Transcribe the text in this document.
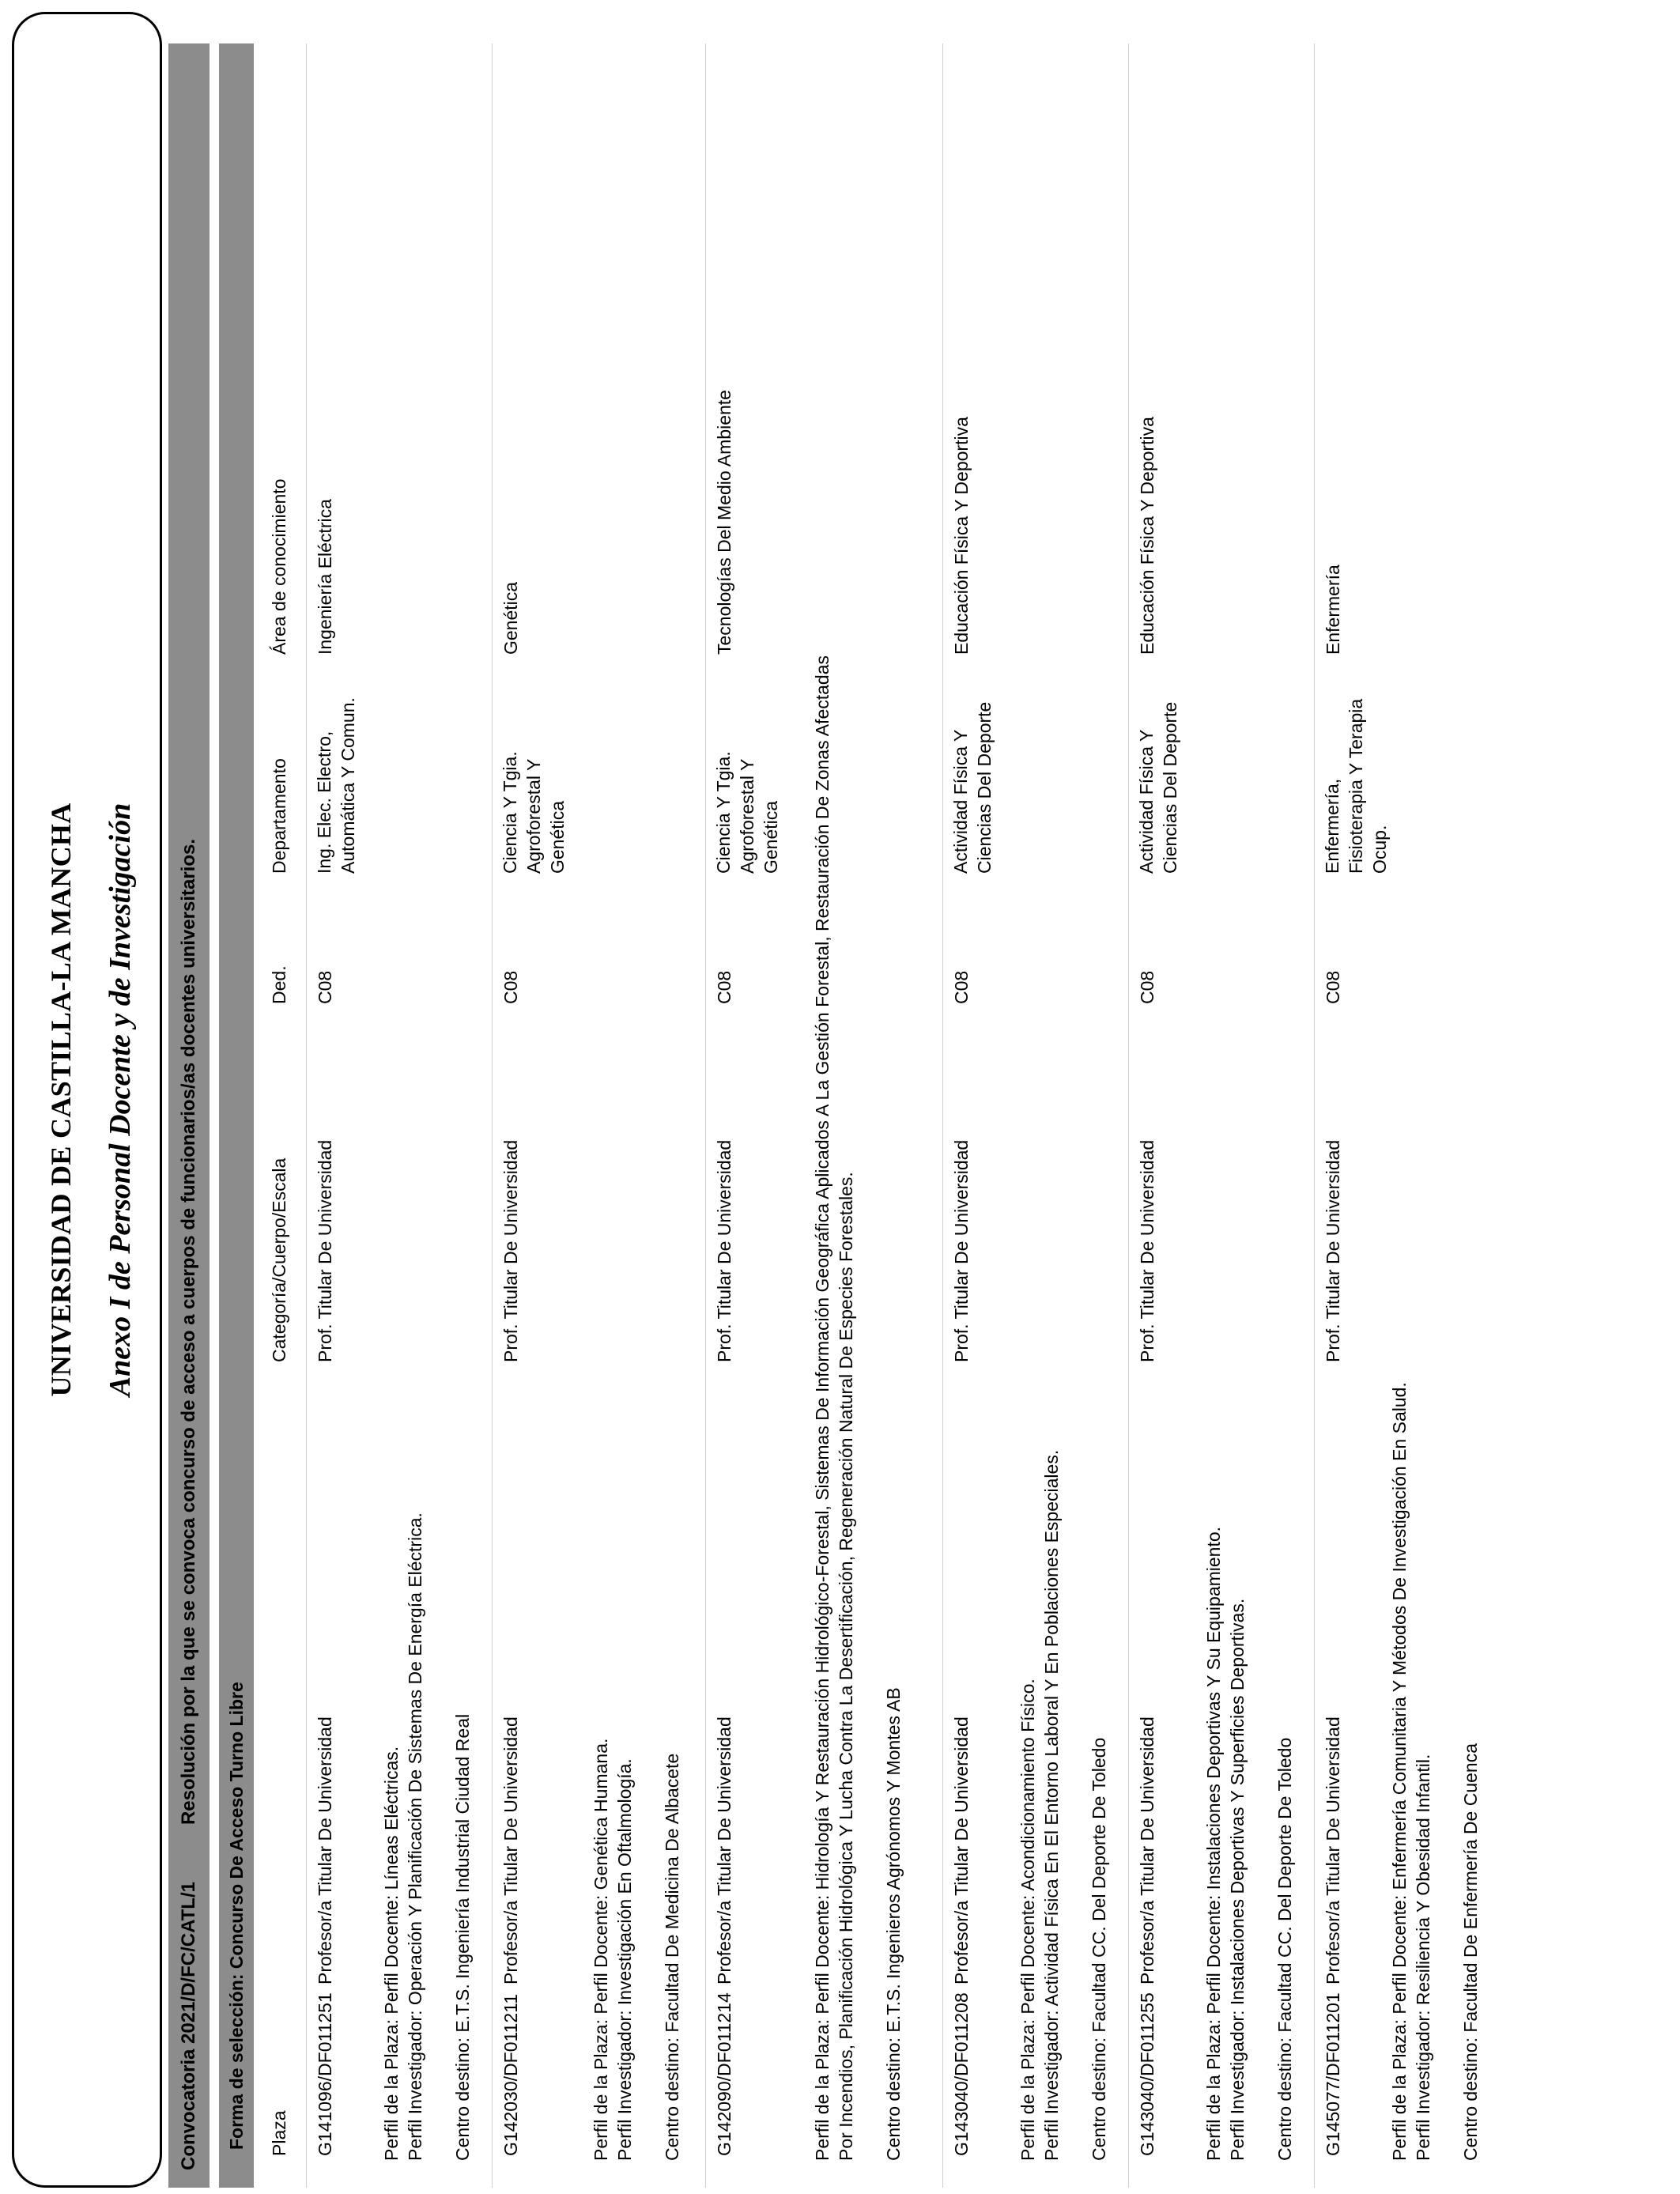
UNIVERSIDAD DE CASTILLA-LA MANCHA Anexo I de Personal Docente y de Investigación
Convocatoria 2021/D/FC/CATL/1
Resolución por la que se convoca concurso de acceso a cuerpos de funcionarios/as docentes universitarios.
Forma de selección: Concurso De Acceso Turno Libre Plaza
Categoría/Cuerpo/Escala
Ded.
Departamento
Área de conocimiento
G141096/DF011251
Profesor/a Titular De Universidad
Prof. Titular De Universidad
C08
Ing. Elec. Electro, Automática Y Comun.
Ingeniería Eléctrica
Perfil de la Plaza: Perfil Docente: Líneas Eléctricas. Perfil Investigador: Operación Y Planificación De Sistemas De Energía Eléctrica. Centro destino: E.T.S. Ingeniería Industrial Ciudad Real G142030/DF011211
Profesor/a Titular De Universidad
Prof. Titular De Universidad
C08
Ciencia Y Tgia. Agroforestal Y Genética
Genética
Perfil de la Plaza: Perfil Docente: Genética Humana. Perfil Investigador: Investigación En Oftalmología. Centro destino: Facultad De Medicina De Albacete G142090/DF011214
Profesor/a Titular De Universidad
Prof. Titular De Universidad
C08
Ciencia Y Tgia. Agroforestal Y Genética
Tecnologías Del Medio Ambiente
Perfil de la Plaza: Perfil Docente: Hidrología Y Restauración Hidrológico-Forestal, Sistemas De Información Geográfica Aplicados A La Gestión Forestal, Restauración De Zonas Afectadas Por Incendios, Planificación Hidrológica Y Lucha Contra La Desertificación, Regeneración Natural De Especies Forestales. Centro destino: E.T.S. Ingenieros Agrónomos Y Montes AB	G143040/DF011208
Profesor/a Titular De Universidad
Prof. Titular De Universidad
C08
Actividad Física Y Ciencias Del Deporte
Educación Física Y Deportiva
Perfil de la Plaza: Perfil Docente: Acondicionamiento Físico. Perfil Investigador: Actividad Física En El Entorno Laboral Y En Poblaciones Especiales. Centro destino: Facultad CC. Del Deporte De Toledo G143040/DF011255
Profesor/a Titular De Universidad
Prof. Titular De Universidad
C08
Actividad Física Y Ciencias Del Deporte
Educación Física Y Deportiva
Perfil de la Plaza: Perfil Docente: Instalaciones Deportivas Y Su Equipamiento. Perfil Investigador: Instalaciones Deportivas Y Superficies Deportivas. Centro destino: Facultad CC. Del Deporte De Toledo G145077/DF011201
Profesor/a Titular De Universidad
Prof. Titular De Universidad
C08
Enfermería, Fisioterapia Y Terapia Ocup.
Enfermería
Perfil de la Plaza: Perfil Docente: Enfermería Comunitaria Y Métodos De Investigación En Salud. Perfil Investigador: Resiliencia Y Obesidad Infantil. Centro destino: Facultad De Enfermería De Cuenca
